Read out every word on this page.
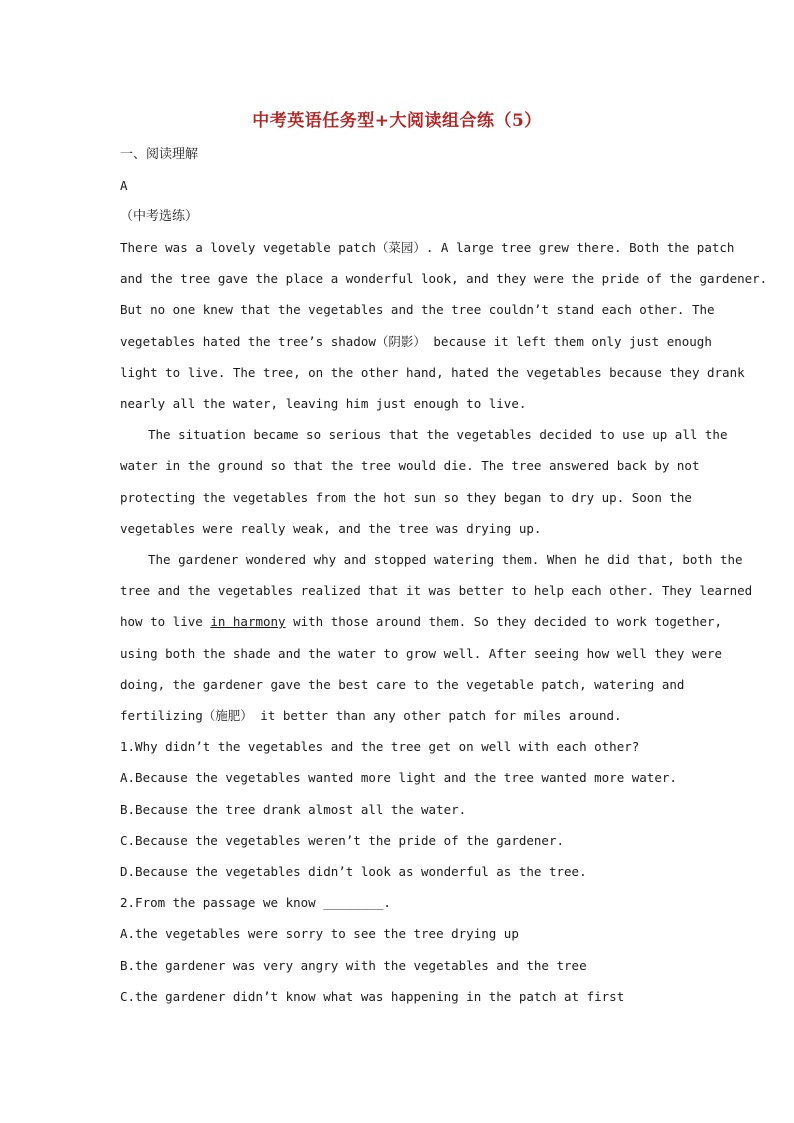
中考英语任务型+大阅读组合练（5）
一、阅读理解
A
（中考选练）
There was a lovely vegetable patch（菜园）. A large tree grew there. Both the patch
and the tree gave the place a wonderful look, and they were the pride of the gardener.
But no one knew that the vegetables and the tree couldn’t stand each other. The
vegetables hated the tree’s shadow（阴影） because it left them only just enough
light to live. The tree, on the other hand, hated the vegetables because they drank
nearly all the water, leaving him just enough to live.
The situation became so serious that the vegetables decided to use up all the
water in the ground so that the tree would die. The tree answered back by not
protecting the vegetables from the hot sun so they began to dry up. Soon the
vegetables were really weak, and the tree was drying up.
The gardener wondered why and stopped watering them. When he did that, both the
tree and the vegetables realized that it was better to help each other. They learned
how to live in harmony with those around them. So they decided to work together,
using both the shade and the water to grow well. After seeing how well they were
doing, the gardener gave the best care to the vegetable patch, watering and
fertilizing（施肥） it better than any other patch for miles around.
1.Why didn’t the vegetables and the tree get on well with each other?
A.Because the vegetables wanted more light and the tree wanted more water.
B.Because the tree drank almost all the water.
C.Because the vegetables weren’t the pride of the gardener.
D.Because the vegetables didn’t look as wonderful as the tree.
2.From the passage we know ________.
A.the vegetables were sorry to see the tree drying up
B.the gardener was very angry with the vegetables and the tree
C.the gardener didn’t know what was happening in the patch at first
